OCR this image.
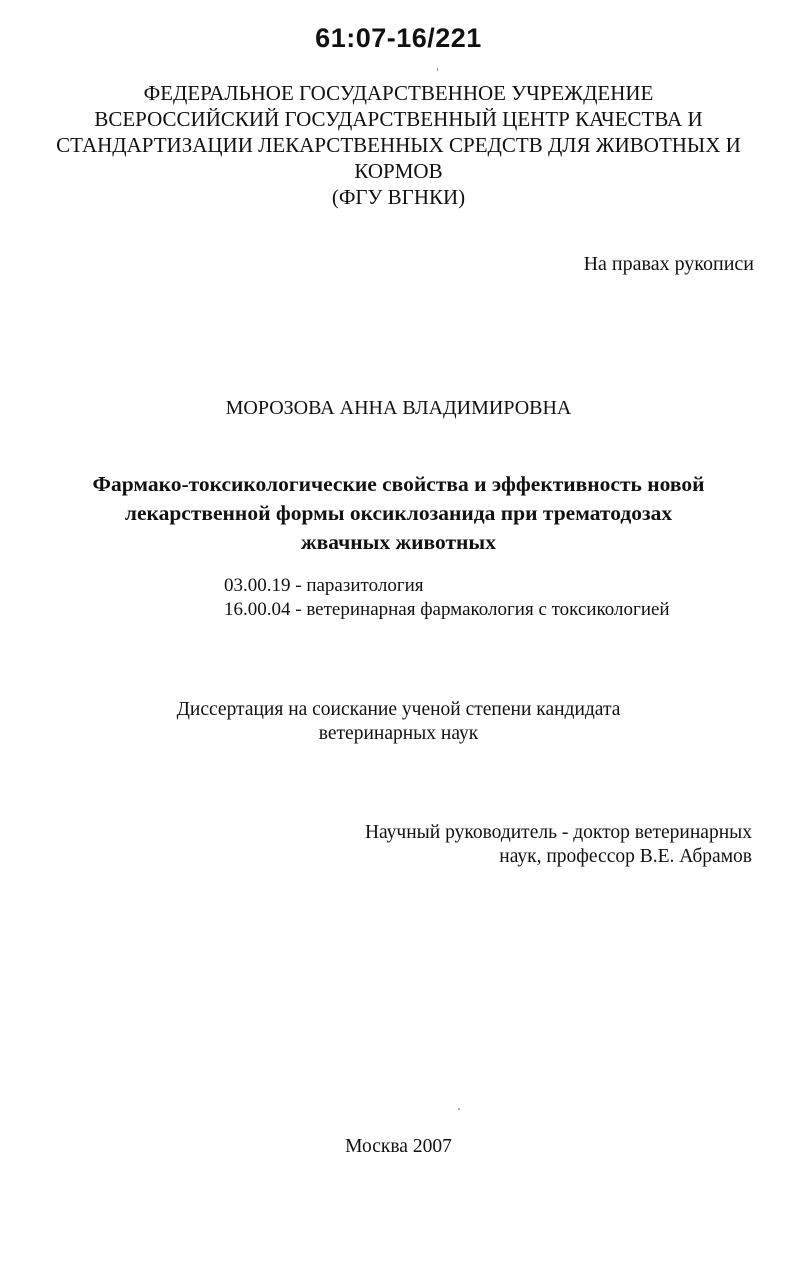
61:07-16/221
ФЕДЕРАЛЬНОЕ ГОСУДАРСТВЕННОЕ УЧРЕЖДЕНИЕ
ВСЕРОССИЙСКИЙ ГОСУДАРСТВЕННЫЙ ЦЕНТР КАЧЕСТВА И
СТАНДАРТИЗАЦИИ ЛЕКАРСТВЕННЫХ СРЕДСТВ ДЛЯ ЖИВОТНЫХ И
КОРМОВ
(ФГУ ВГНКИ)
На правах рукописи
МОРОЗОВА АННА ВЛАДИМИРОВНА
Фармако-токсикологические свойства и эффективность новой
лекарственной формы оксиклозанида при трематодозах
жвачных животных
03.00.19 - паразитология
16.00.04 - ветеринарная фармакология с токсикологией
Диссертация на соискание ученой степени кандидата
ветеринарных наук
Научный руководитель - доктор ветеринарных
наук, профессор В.Е. Абрамов
Москва 2007
